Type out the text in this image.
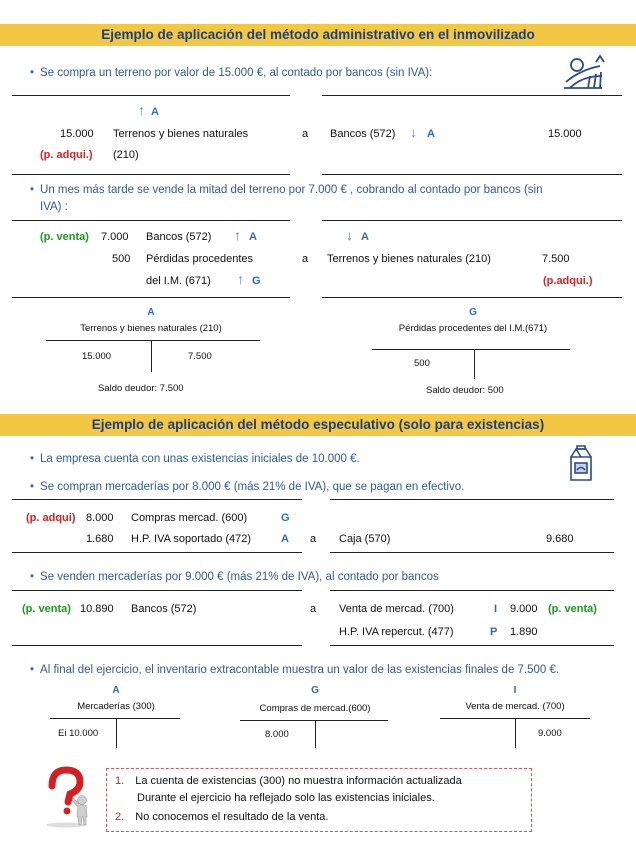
Ejemplo de aplicación del método administrativo en el inmovilizado
• Se compra un terreno por valor de 15.000 €, al contado por bancos (sin IVA):
↑ A
15.000 Terrenos y bienes naturales	a Bancos (572) ↓ A	15.000
(p. adqui.) (210)
• Un mes más tarde se vende la mitad del terreno por 7.000 € , cobrando al contado por bancos (sin
IVA) :
(p. venta) 7.000 Bancos (572) ↑ A	↓ A
500 Pérdidas procedentes	a Terrenos y bienes naturales (210)	7.500
del I.M. (671) ↑ G	(p.adqui.)
A
Terrenos y bienes naturales (210)
15.000	7.500
Saldo deudor: 7.500
G
Pérdidas procedentes del I.M.(671)
500
Saldo deudor: 500
Ejemplo de aplicación del método especulativo (solo para existencias)
• La empresa cuenta con unas existencias iniciales de 10.000 €.
• Se compran mercaderías por 8.000 € (más 21% de IVA), que se pagan en efectivo.
(p. adqui) 8.000 Compras mercad. (600)	G
1.680 H.P. IVA soportado (472)	A a Caja (570)	9.680
• Se venden mercaderías por 9.000 € (más 21% de IVA), al contado por bancos
(p. venta) 10.890 Bancos (572)	a Venta de mercad. (700)	I 9.000 (p. venta)
H.P. IVA repercut. (477)	P 1.890
• Al final del ejercicio, el inventario extracontable muestra un valor de las existencias finales de 7.500 €.
A
Mercaderías (300)
Ei 10.000
G
Compras de mercad.(600)
8.000
I
Venta de mercad. (700)
9.000
1. La cuenta de existencias (300) no muestra información actualizada
Durante el ejercicio ha reflejado solo las existencias iniciales.
2. No conocemos el resultado de la venta.
